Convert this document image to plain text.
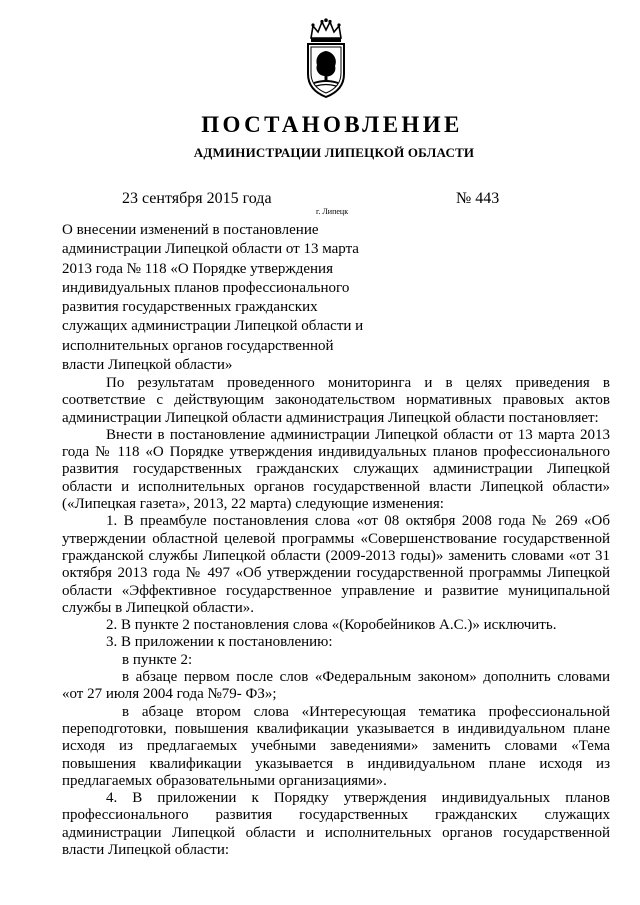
ПОСТАНОВЛЕНИЕ
АДМИНИСТРАЦИИ ЛИПЕЦКОЙ ОБЛАСТИ
23 сентября 2015 года
г. Липецк
№ 443
О внесении изменений в постановление
администрации Липецкой области от 13 марта
2013 года № 118 «О Порядке утверждения
индивидуальных планов профессионального
развития государственных гражданских
служащих администрации Липецкой области и
исполнительных органов государственной
власти Липецкой области»

По результатам проведенного мониторинга и в целях приведения в соответствие с действующим законодательством нормативных правовых актов администрации Липецкой области администрация Липецкой области постановляет:

Внести в постановление администрации Липецкой области от 13 марта 2013 года № 118 «О Порядке утверждения индивидуальных планов профессионального развития государственных гражданских служащих администрации Липецкой области и исполнительных органов государственной власти Липецкой области» («Липецкая газета», 2013, 22 марта) следующие изменения:

1. В преамбуле постановления слова «от 08 октября 2008 года № 269 «Об утверждении областной целевой программы «Совершенствование государственной гражданской службы Липецкой области (2009-2013 годы)» заменить словами «от 31 октября 2013 года № 497 «Об утверждении государственной программы Липецкой области «Эффективное государственное управление и развитие муниципальной службы в Липецкой области».

2. В пункте 2 постановления слова «(Коробейников А.С.)» исключить.

3. В приложении к постановлению:

в пункте 2:

в абзаце первом после слов «Федеральным законом» дополнить словами «от 27 июля 2004 года №79- ФЗ»;

в абзаце втором слова «Интересующая тематика профессиональной переподготовки, повышения квалификации указывается в индивидуальном плане исходя из предлагаемых учебными заведениями» заменить словами «Тема повышения квалификации указывается в индивидуальном плане исходя из предлагаемых образовательными организациями».

4. В приложении к Порядку утверждения индивидуальных планов профессионального развития государственных гражданских служащих администрации Липецкой области и исполнительных органов государственной власти Липецкой области:
